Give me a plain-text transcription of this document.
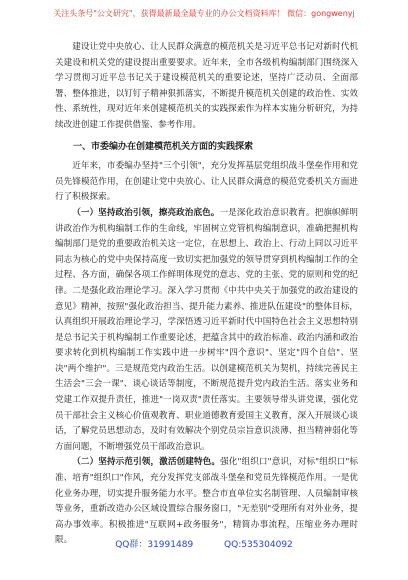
关注头条号"公文研究"，获得最新最全最专业的办公文档资料库！ 微信：gongwenyj

建设让党中央放心、让人民群众满意的模范机关是习近平总书记对新时代机关建设和机关党的建设提出重要要求。近年来，全市各级机构编制部门围绕深入学习贯彻习近平总书记关于建设模范机关的重要论述，坚持广泛动员、全面部署、整体推进，以钉钉子精神狠抓落实，不断提升模范机关创建的政治性、实效性、系统性，现对近年来创建模范机关的实践探索作为样本实施分析研究，为持续改进创建工作提供借鉴、参考作用。

一、市委编办在创建模范机关方面的实践探索

近年来，市委编办坚持"三个引领"，充分发挥基层党组织战斗堡垒作用和党员先锋模范作用，在创建让党中央放心、让人民群众满意的模范党委机关方面进行了积极探索。

（一）坚持政治引领，擦亮政治底色。一是深化政治意识教育。把旗帜鲜明讲政治作为机构编制工作的生命线，牢固树立党管机构编制意识，准确把握机构编制部门是党的重要政治机关这一定位，在思想上、政治上、行动上同以习近平同志为核心的党中央保持高度一致切实把加强党的领导贯穿到机构编制工作的全过程、各方面，确保各项工作鲜明体现党的意志、党的主张、党的原则和党的纪律。二是强化政治理论学习。深入学习贯彻《中共中央关于加强党的政治建设的意见》精神，按照"强化政治担当、提升能力素养、推进队伍建设"的整体目标，认真组织开展政治理论学习，学深悟透习近平新时代中国特色社会主义思想特别是总书记关于机构编制工作重要论述，把蕴含其中的政治标准、政治内涵和政治要求转化到机构编制工作实践中进一步树牢"四个意识"、坚定"四个自信"、坚决"两个维护"。三是规范党内政治生活。以创建模范机关为契机，持续完善民主生活会"三会一课"、谈心谈话等制度，不断规范提升党内政治生活。落实业务和党建工作双提升责任，推进"一岗双责"责任落实。主要领导带头讲党课，强化党员干部社会主义核心价值观教育、职业道德教育爱国主义教育，深入开展谈心谈话，了解党员思想动态，及时有效解决个别党员宗旨意识淡薄、担当精神弱化等方面问题，不断增强党员干部政治意识。

（二）坚持示范引领，激活创建特色。强化"组织口"意识，对标"组织口"标准、培育"组织口"作风，充分发挥党支部战斗堡垒和党员先锋模范作用。一是优化业务办理，切实提升服务能力水平。整合市直单位实名制管理、人员编制审核等业务，重新改造办公区域设置综合服务窗口，"无差别"受理所有对外业务，提高办事效率。积极推进"互联网+政务服务"，精简办事流程，压缩业务办理时限。	QQ群：31991489	QQ:535304092
